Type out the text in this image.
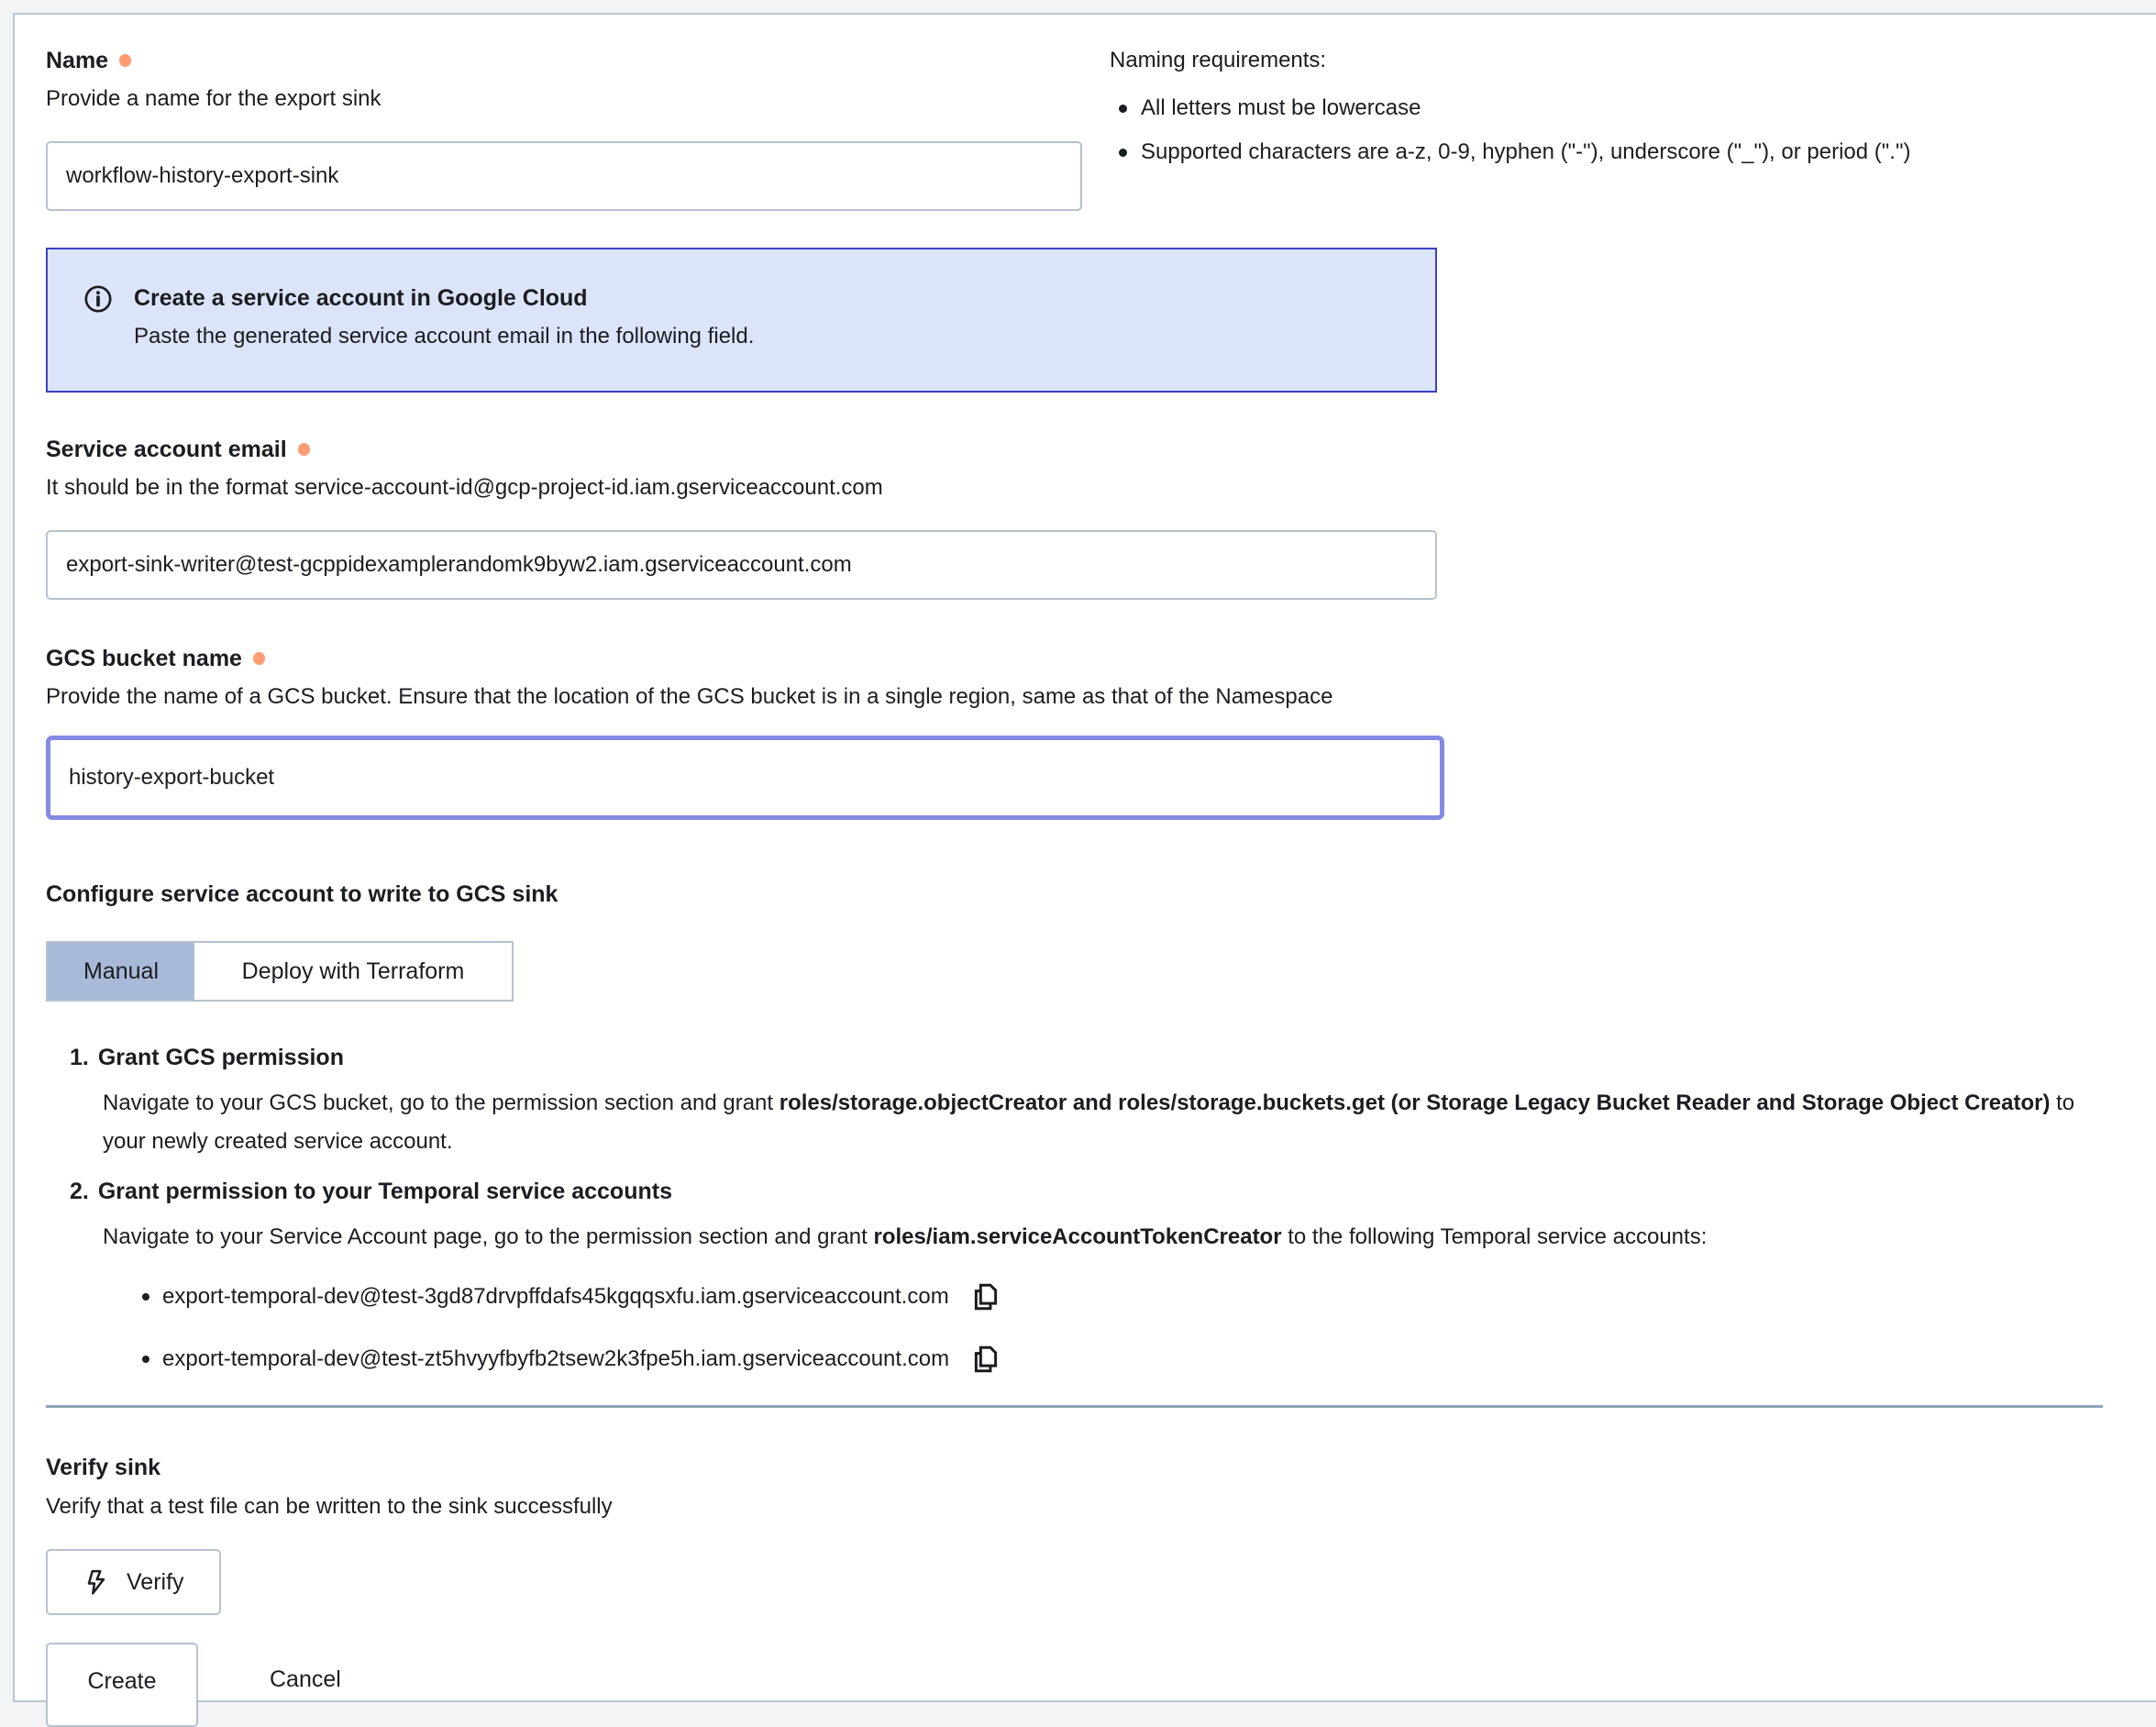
Name
Provide a name for the export sink
workflow-history-export-sink
Naming requirements:
All letters must be lowercase
Supported characters are a-z, 0-9, hyphen ("-"), underscore ("_"), or period (".")
Create a service account in Google Cloud
Paste the generated service account email in the following field.
Service account email
It should be in the format service-account-id@gcp-project-id.iam.gserviceaccount.com
export-sink-writer@test-gcppidexamplerandomk9byw2.iam.gserviceaccount.com
GCS bucket name
Provide the name of a GCS bucket. Ensure that the location of the GCS bucket is in a single region, same as that of the Namespace
history-export-bucket
Configure service account to write to GCS sink
Manual	Deploy with Terraform
1. Grant GCS permission

Navigate to your GCS bucket, go to the permission section and grant roles/storage.objectCreator and roles/storage.buckets.get (or Storage Legacy Bucket Reader and Storage Object Creator) to your newly created service account.

2. Grant permission to your Temporal service accounts

Navigate to your Service Account page, go to the permission section and grant roles/iam.serviceAccountTokenCreator to the following Temporal service accounts:

export-temporal-dev@test-3gd87drvpffdafs45kgqqsxfu.iam.gserviceaccount.com
export-temporal-dev@test-zt5hvyyfbyfb2tsew2k3fpe5h.iam.gserviceaccount.com
Verify sink
Verify that a test file can be written to the sink successfully
Verify
Create	Cancel
